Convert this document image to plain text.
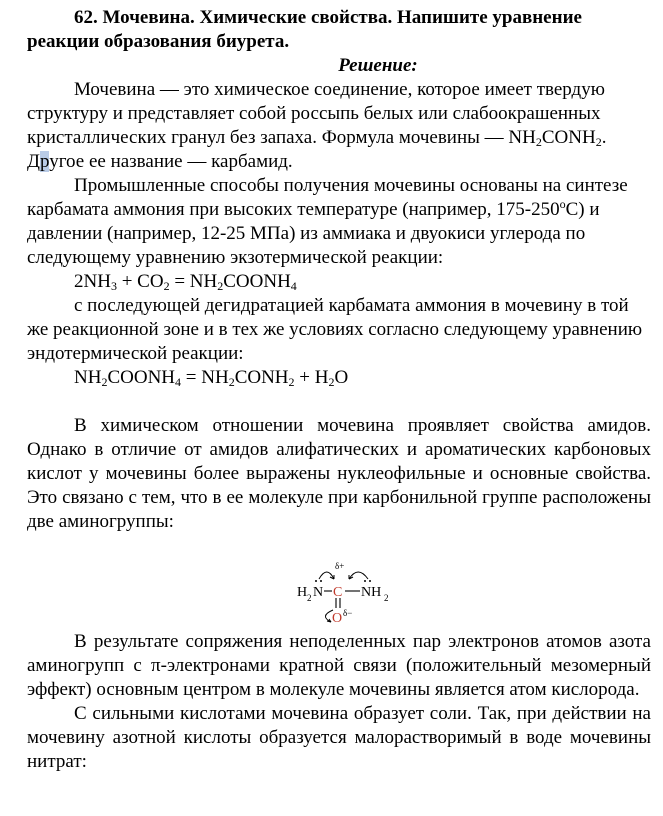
62. Мочевина. Химические свойства. Напишите уравнение реакции образования биурета.

Решение:

Мочевина — это химическое соединение, которое имеет твердую структуру и представляет собой россыпь белых или слабоокрашенных кристаллических гранул без запаха. Формула мочевины — $NH_2CONH_2$.
Другое ее название — карбамид.

Промышленные способы получения мочевины основаны на синтезе карбамата аммония при высоких температуре (например, $175-250^оС$) и давлении (например, 12-25 МПа) из аммиака и двуокиси углерода по следующему уравнению экзотермической реакции:

$2NH_3 + CO_2$ = $NH_2COONH_4$

с последующей дегидратацией карбамата аммония в мочевину в той же реакционной зоне и в тех же условиях согласно следующему уравнению эндотермической реакции:

$NH_2COONH_4$ = $NH_2CONH_2 + H_2O$

В химическом отношении мочевина проявляет свойства амидов. Однако в отличие от амидов алифатических и ароматических карбоновых кислот у мочевины более выражены нуклеофильные и основные свойства. Это связано с тем, что в ее молекуле при карбонильной группе расположены две аминогруппы:

H 2 N
δ+
C NH 2
O δ−

В результате сопряжения неподеленных пар электронов атомов азота аминогрупп с π-электронами кратной связи (положительный мезомерный эффект) основным центром в молекуле мочевины является атом кислорода.

С сильными кислотами мочевина образует соли. Так, при действии на мочевину азотной кислоты образуется малорастворимый в воде мочевины нитрат:
